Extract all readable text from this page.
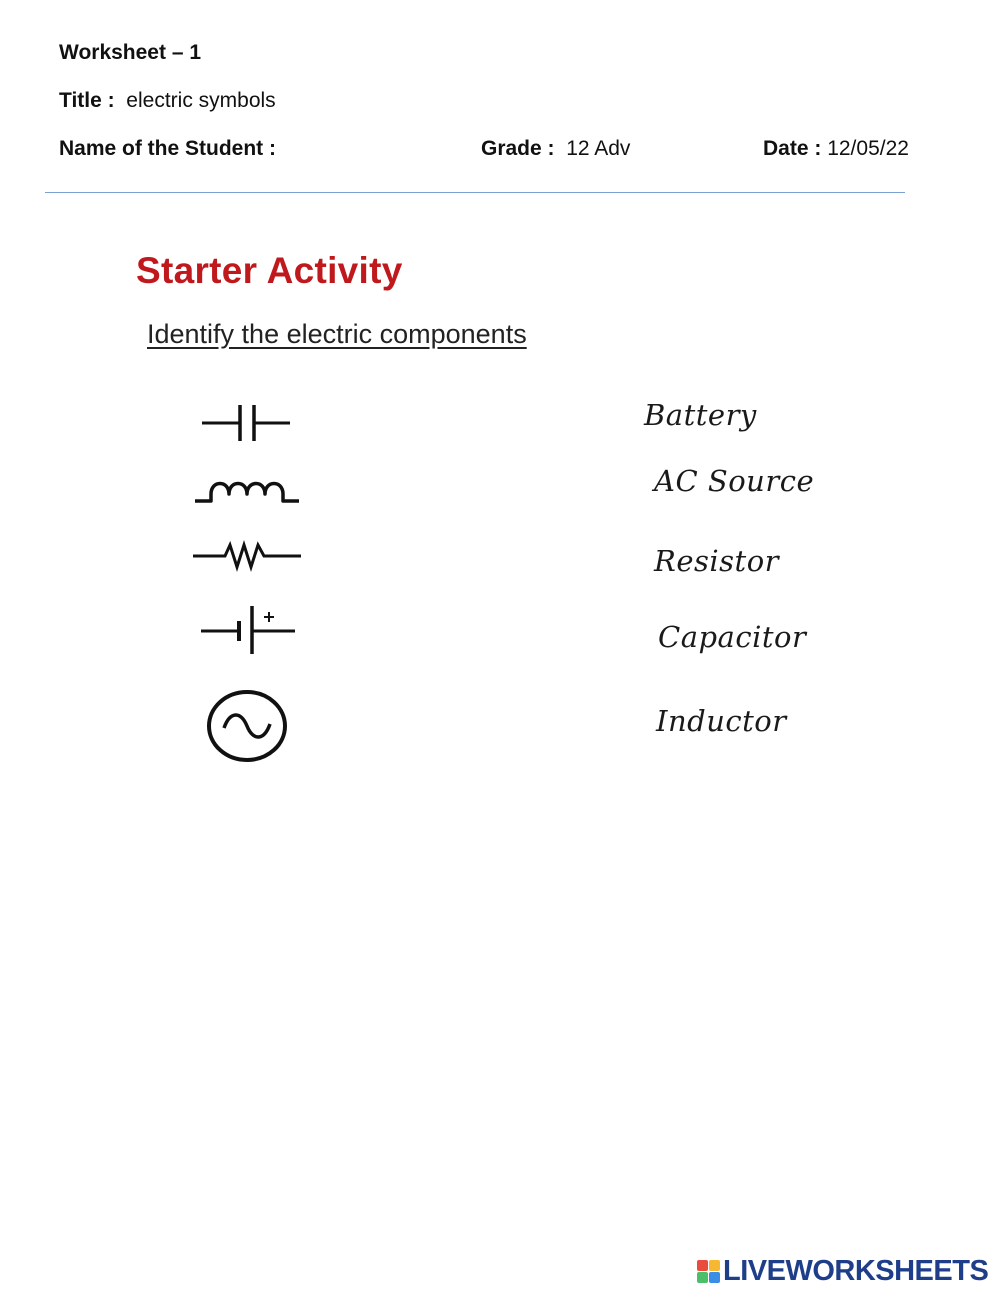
Worksheet – 1
Title : electric symbols
Name of the Student :	Grade : 12 Adv	Date : 12/05/22
Starter Activity
Identify the electric components
Battery
AC Source
Resistor
Capacitor
Inductor
LIVEWORKSHEETS
